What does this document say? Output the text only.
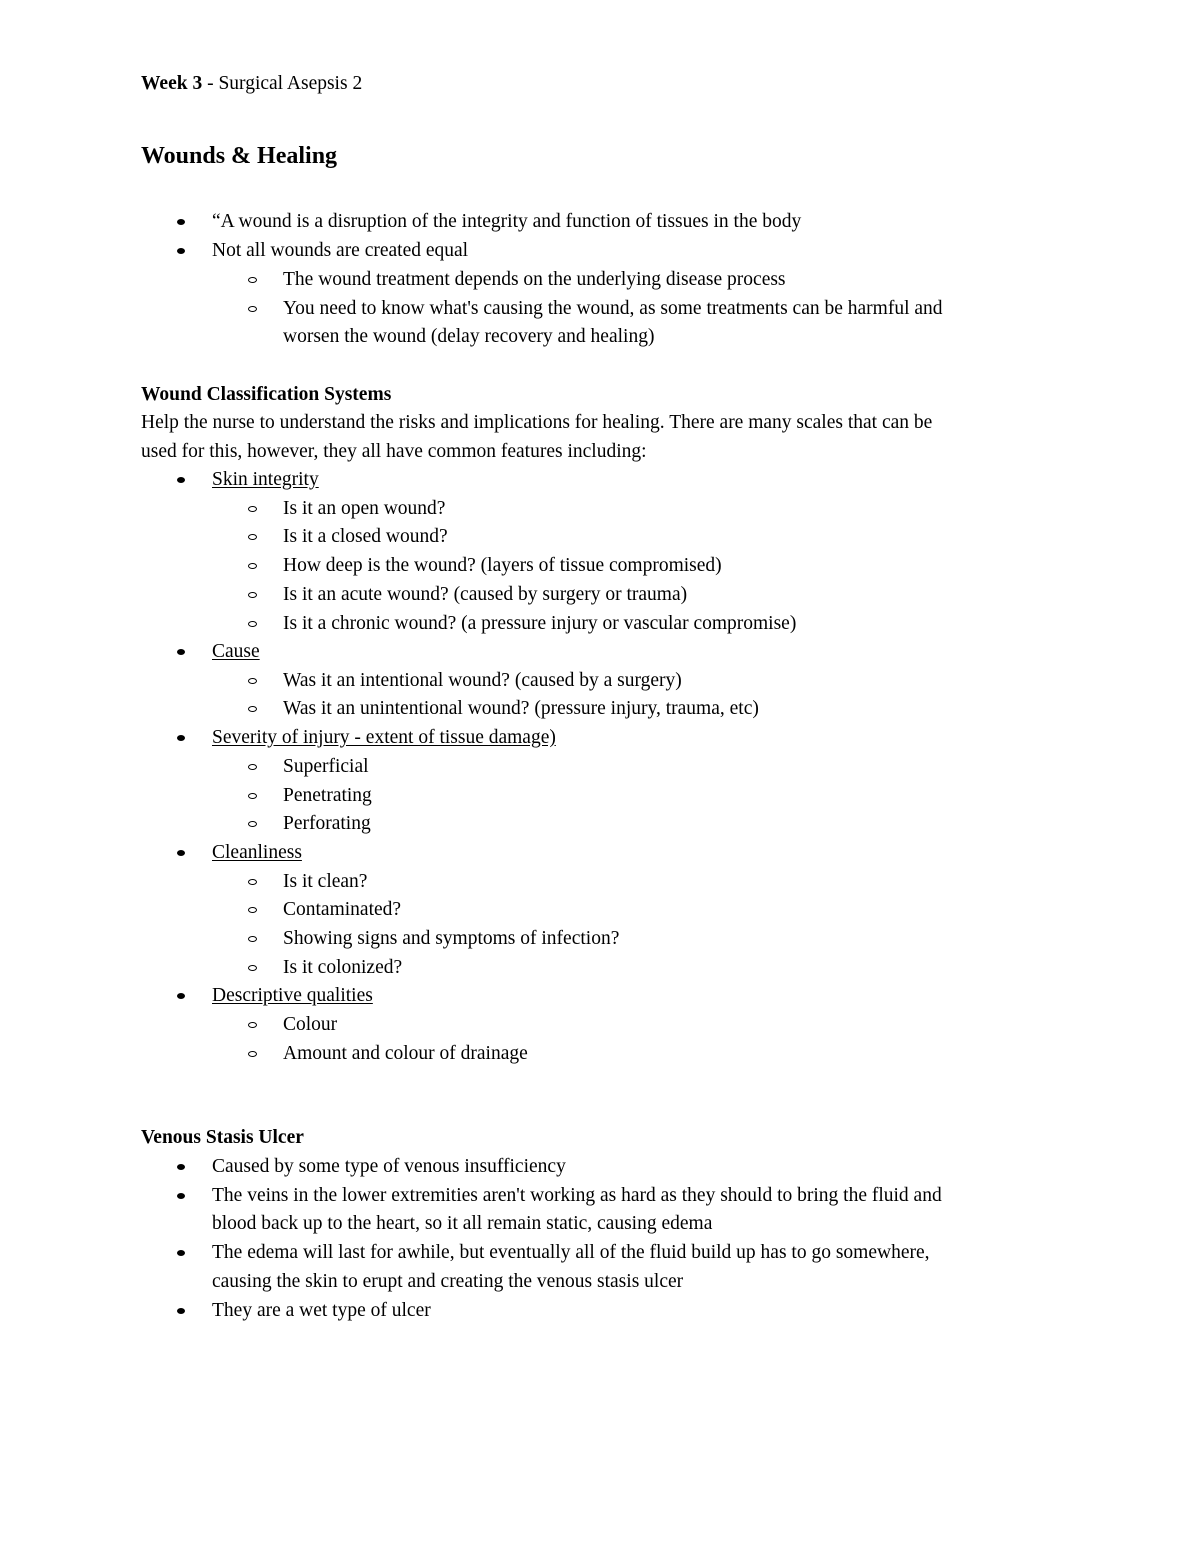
Week 3 - Surgical Asepsis 2
Wounds & Healing
“A wound is a disruption of the integrity and function of tissues in the body
Not all wounds are created equal
The wound treatment depends on the underlying disease process
You need to know what's causing the wound, as some treatments can be harmful and
worsen the wound (delay recovery and healing)
Wound Classification Systems
Help the nurse to understand the risks and implications for healing. There are many scales that can be
used for this, however, they all have common features including:
Skin integrity
Is it an open wound?
Is it a closed wound?
How deep is the wound? (layers of tissue compromised)
Is it an acute wound? (caused by surgery or trauma)
Is it a chronic wound? (a pressure injury or vascular compromise)
Cause
Was it an intentional wound? (caused by a surgery)
Was it an unintentional wound? (pressure injury, trauma, etc)
Severity of injury - extent of tissue damage)
Superficial
Penetrating
Perforating
Cleanliness
Is it clean?
Contaminated?
Showing signs and symptoms of infection?
Is it colonized?
Descriptive qualities
Colour
Amount and colour of drainage
Venous Stasis Ulcer
Caused by some type of venous insufficiency
The veins in the lower extremities aren't working as hard as they should to bring the fluid and
blood back up to the heart, so it all remain static, causing edema
The edema will last for awhile, but eventually all of the fluid build up has to go somewhere,
causing the skin to erupt and creating the venous stasis ulcer
They are a wet type of ulcer
